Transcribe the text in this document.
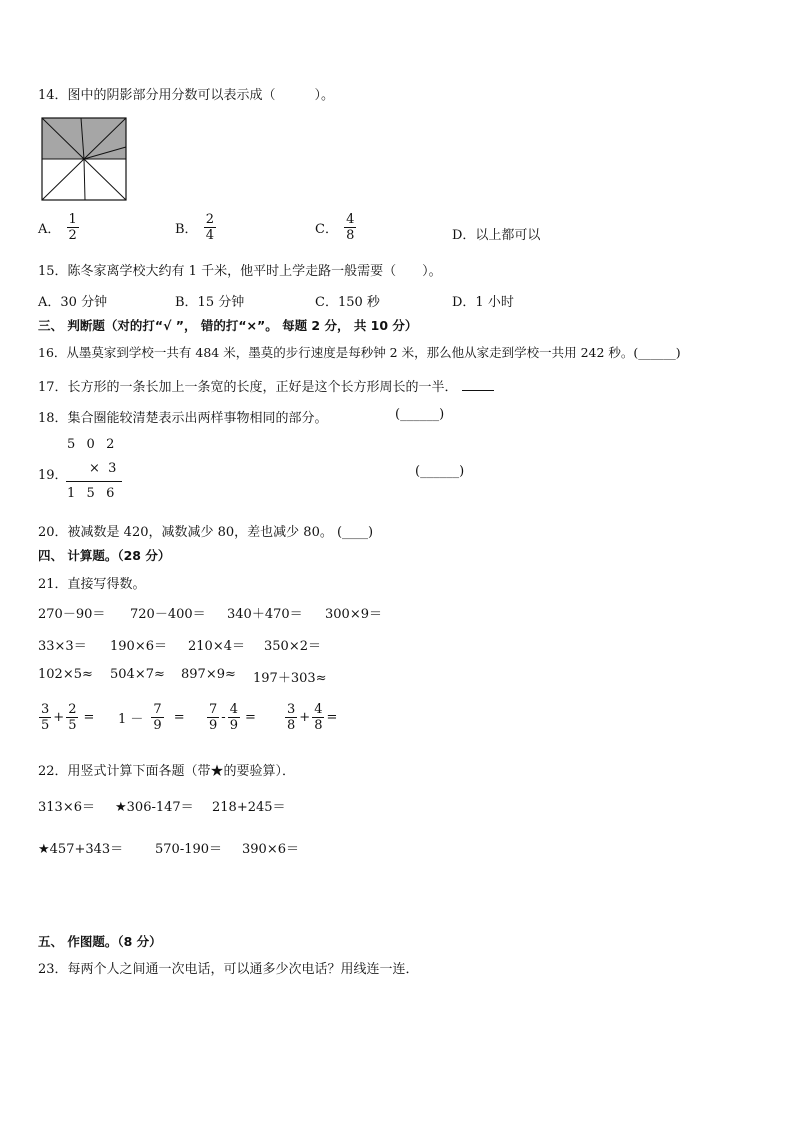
14．图中的阴影部分用分数可以表示成（　　　）。
A． $\frac{1}{2}$	B． $\frac{2}{4}$	C． $\frac{4}{8}$	D．以上都可以
15．陈冬家离学校大约有 1 千米，他平时上学走路一般需要（　　）。
A．30 分钟	B．15 分钟	C．150 秒	D．1 小时
三、 判断题（对的打“√ ”， 错的打“×”。 每题 2 分， 共 10 分）
16．从墨莫家到学校一共有 484 米，墨莫的步行速度是每秒钟 2 米，那么他从家走到学校一共用 242 秒。(______)
17．长方形的一条长加上一条宽的长度，正好是这个长方形周长的一半．
18．集合圈能较清楚表示出两样事物相同的部分。	(______)
19．
5  0  2
×  3
1  5  6
(______)
20．被减数是 420，减数减少 80，差也减少 80。 (____)
四、 计算题。（28 分）
21．直接写得数。
270－90＝ 720－400＝ 340＋470＝ 300×9＝
33×3＝ 190×6＝ 210×4＝ 350×2＝
102×5≈ 504×7≈ 897×9≈ 197＋303≈
$\frac{3}{5} + \frac{2}{5} = 1 - \frac{7}{9} = \frac{7}{9} - \frac{4}{9} = \frac{3}{8} + \frac{4}{8}$ =
22．用竖式计算下面各题（带★的要验算）．
313×6＝ ★306-147＝ 218+245＝
★457+343＝ 570-190＝ 390×6＝
五、 作图题。（8 分）
23．每两个人之间通一次电话，可以通多少次电话？用线连一连．
